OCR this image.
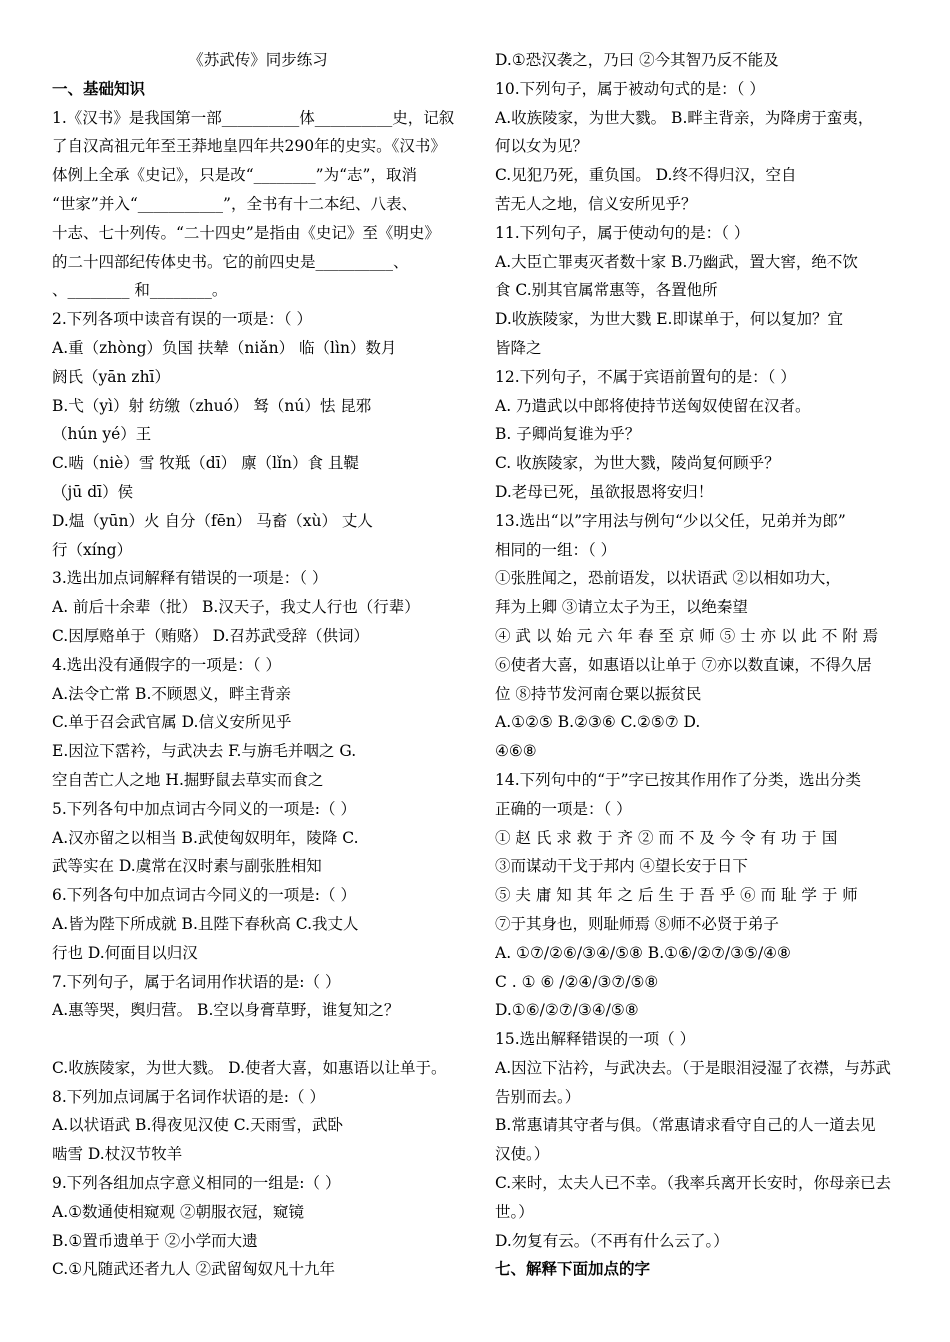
《苏武传》同步练习
一、基础知识
1.《汉书》是我国第一部__________体__________史，记叙
了自汉高祖元年至王莽地皇四年共290年的史实。《汉书》
体例上全承《史记》，只是改“________”为“志”，取消
“世家”并入“___________”，全书有十二本纪、八表、
十志、七十列传。“二十四史”是指由《史记》至《明史》
的二十四部纪传体史书。它的前四史是__________、
、________ 和________。
2.下列各项中读音有误的一项是：（ ）
A.重（zhòng）负国 扶辇（niǎn） 临（lìn）数月
阏氏（yān zhī）
B.弋（yì）射 纺缴（zhuó） 驽（nú）怯 昆邪
（hún yé）王
C.啮（niè）雪 牧羝（dī） 廪（lǐn）食 且鞮
（jū dī）侯
D.煴（yūn）火 自分（fēn） 马畜（xù） 丈人
行（xíng）
3.选出加点词解释有错误的一项是：（ ）
A. 前后十余辈（批） B.汉天子，我丈人行也（行辈）
C.因厚赂单于（贿赂） D.召苏武受辞（供词）
4.选出没有通假字的一项是：（ ）
A.法令亡常 B.不顾恩义，畔主背亲
C.单于召会武官属 D.信义安所见乎
E.因泣下霑衿，与武决去 F.与旃毛并咽之 G.
空自苦亡人之地 H.掘野鼠去草实而食之
5.下列各句中加点词古今同义的一项是:（ ）
A.汉亦留之以相当 B.武使匈奴明年，陵降 C.
武等实在 D.虞常在汉时素与副张胜相知
6.下列各句中加点词古今同义的一项是:（ ）
A.皆为陛下所成就 B.且陛下春秋高 C.我丈人
行也 D.何面目以归汉
7.下列句子，属于名词用作状语的是:（ ）
A.惠等哭，舆归营。 B.空以身膏草野，谁复知之？
C.收族陵家，为世大戮。 D.使者大喜，如惠语以让单于。
8.下列加点词属于名词作状语的是:（ ）
A.以状语武 B.得夜见汉使 C.天雨雪，武卧
啮雪 D.杖汉节牧羊
9.下列各组加点字意义相同的一组是:（ ）
A.①数通使相窥观 ②朝服衣冠，窥镜
B.①置币遗单于 ②小学而大遗
C.①凡随武还者九人 ②武留匈奴凡十九年
D.①恐汉袭之，乃曰 ②今其智乃反不能及
10.下列句子，属于被动句式的是：（ ）
A.收族陵家，为世大戮。 B.畔主背亲，为降虏于蛮夷，
何以女为见？
C.见犯乃死，重负国。 D.终不得归汉，空自
苦无人之地，信义安所见乎？
11.下列句子，属于使动句的是：（ ）
A.大臣亡罪夷灭者数十家 B.乃幽武，置大窖，绝不饮
食 C.别其官属常惠等，各置他所
D.收族陵家，为世大戮 E.即谋单于，何以复加？宜
皆降之
12.下列句子，不属于宾语前置句的是：（ ）
A. 乃遣武以中郎将使持节送匈奴使留在汉者。
B. 子卿尚复谁为乎？
C. 收族陵家，为世大戮，陵尚复何顾乎？
D.老母已死，虽欲报恩将安归！
13.选出“以”字用法与例句“少以父任，兄弟并为郎”
相同的一组：（ ）
①张胜闻之，恐前语发，以状语武 ②以相如功大，
拜为上卿 ③请立太子为王，以绝秦望
④ 武 以 始 元 六 年 春 至 京 师 ⑤ 士 亦 以 此 不 附 焉
⑥使者大喜，如惠语以让单于 ⑦亦以数直谏，不得久居
位 ⑧持节发河南仓粟以振贫民
A.①②⑤ B.②③⑥ C.②⑤⑦ D.
④⑥⑧
14.下列句中的“于”字已按其作用作了分类，选出分类
正确的一项是：（ ）
① 赵 氏 求 救 于 齐 ② 而 不 及 今 令 有 功 于 国
③而谋动干戈于邦内 ④望长安于日下
⑤ 夫 庸 知 其 年 之 后 生 于 吾 乎 ⑥ 而 耻 学 于 师
⑦于其身也，则耻师焉 ⑧师不必贤于弟子
A. ①⑦/②⑥/③④/⑤⑧ B.①⑥/②⑦/③⑤/④⑧
C . ① ⑥ /②④/③⑦/⑤⑧
D.①⑥/②⑦/③④/⑤⑧
15.选出解释错误的一项（ ）
A.因泣下沾衿，与武决去。（于是眼泪浸湿了衣襟，与苏武
告别而去。）
B.常惠请其守者与俱。（常惠请求看守自己的人一道去见
汉使。）
C.来时，太夫人已不幸。（我率兵离开长安时，你母亲已去
世。）
D.勿复有云。（不再有什么云了。）
七、解释下面加点的字
